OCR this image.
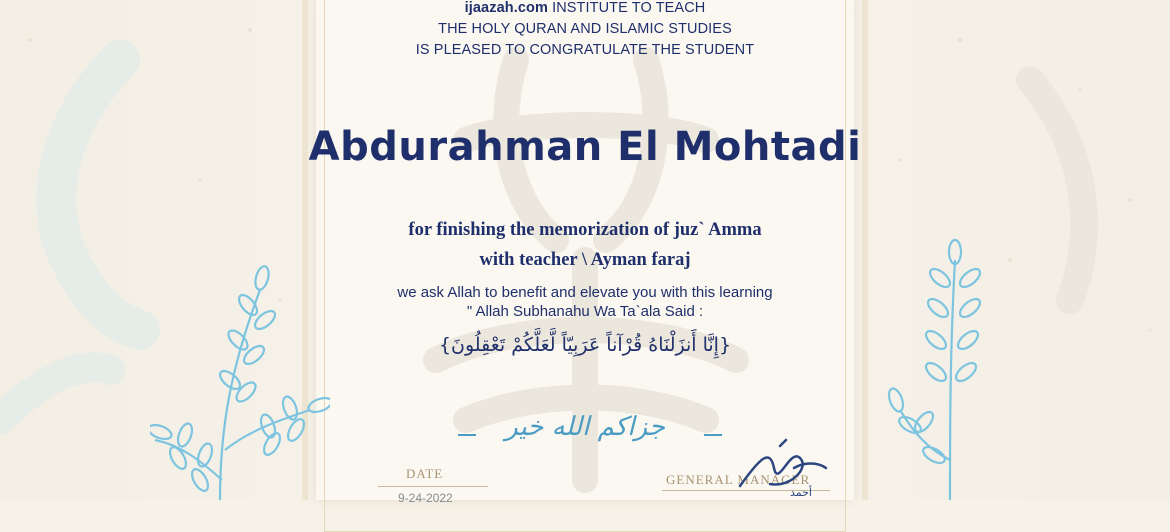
ijaazah.com INSTITUTE TO TEACH
THE HOLY QURAN AND ISLAMIC STUDIES
IS PLEASED TO CONGRATULATE THE STUDENT
Abdurahman El Mohtadi
for finishing the memorization of juz` Amma
with teacher \ Ayman faraj
we ask Allah to benefit and elevate you with this learning
" Allah Subhanahu Wa Ta`ala Said :
{إِنَّا أَنزَلْنَاهُ قُرْآناً عَرَبِيّاً لَّعَلَّكُمْ تَعْقِلُونَ}
جزاكم الله خير
DATE
9-24-2022
GENERAL MANAGER
أحمد
